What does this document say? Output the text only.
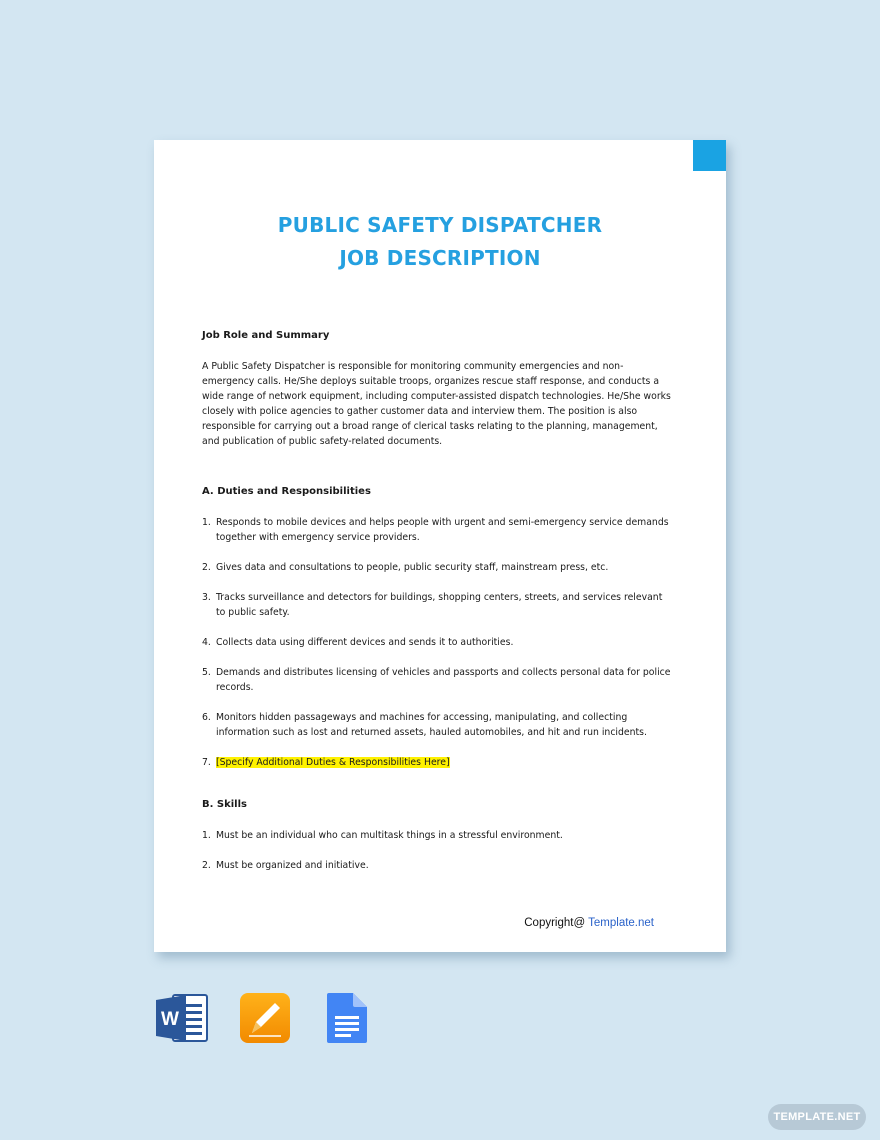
PUBLIC SAFETY DISPATCHER
JOB DESCRIPTION
Job Role and Summary
A Public Safety Dispatcher is responsible for monitoring community emergencies and non-emergency calls. He/She deploys suitable troops, organizes rescue staff response, and conducts a wide range of network equipment, including computer-assisted dispatch technologies. He/She works closely with police agencies to gather customer data and interview them. The position is also responsible for carrying out a broad range of clerical tasks relating to the planning, management, and publication of public safety-related documents.
A. Duties and Responsibilities
1. Responds to mobile devices and helps people with urgent and semi-emergency service demands together with emergency service providers.
2. Gives data and consultations to people, public security staff, mainstream press, etc.
3. Tracks surveillance and detectors for buildings, shopping centers, streets, and services relevant to public safety.
4. Collects data using different devices and sends it to authorities.
5. Demands and distributes licensing of vehicles and passports and collects personal data for police records.
6. Monitors hidden passageways and machines for accessing, manipulating, and collecting information such as lost and returned assets, hauled automobiles, and hit and run incidents.
7. [Specify Additional Duties & Responsibilities Here]
B. Skills
1. Must be an individual who can multitask things in a stressful environment.
2. Must be organized and initiative.
Copyright@ Template.net
W
TEMPLATE.NET
